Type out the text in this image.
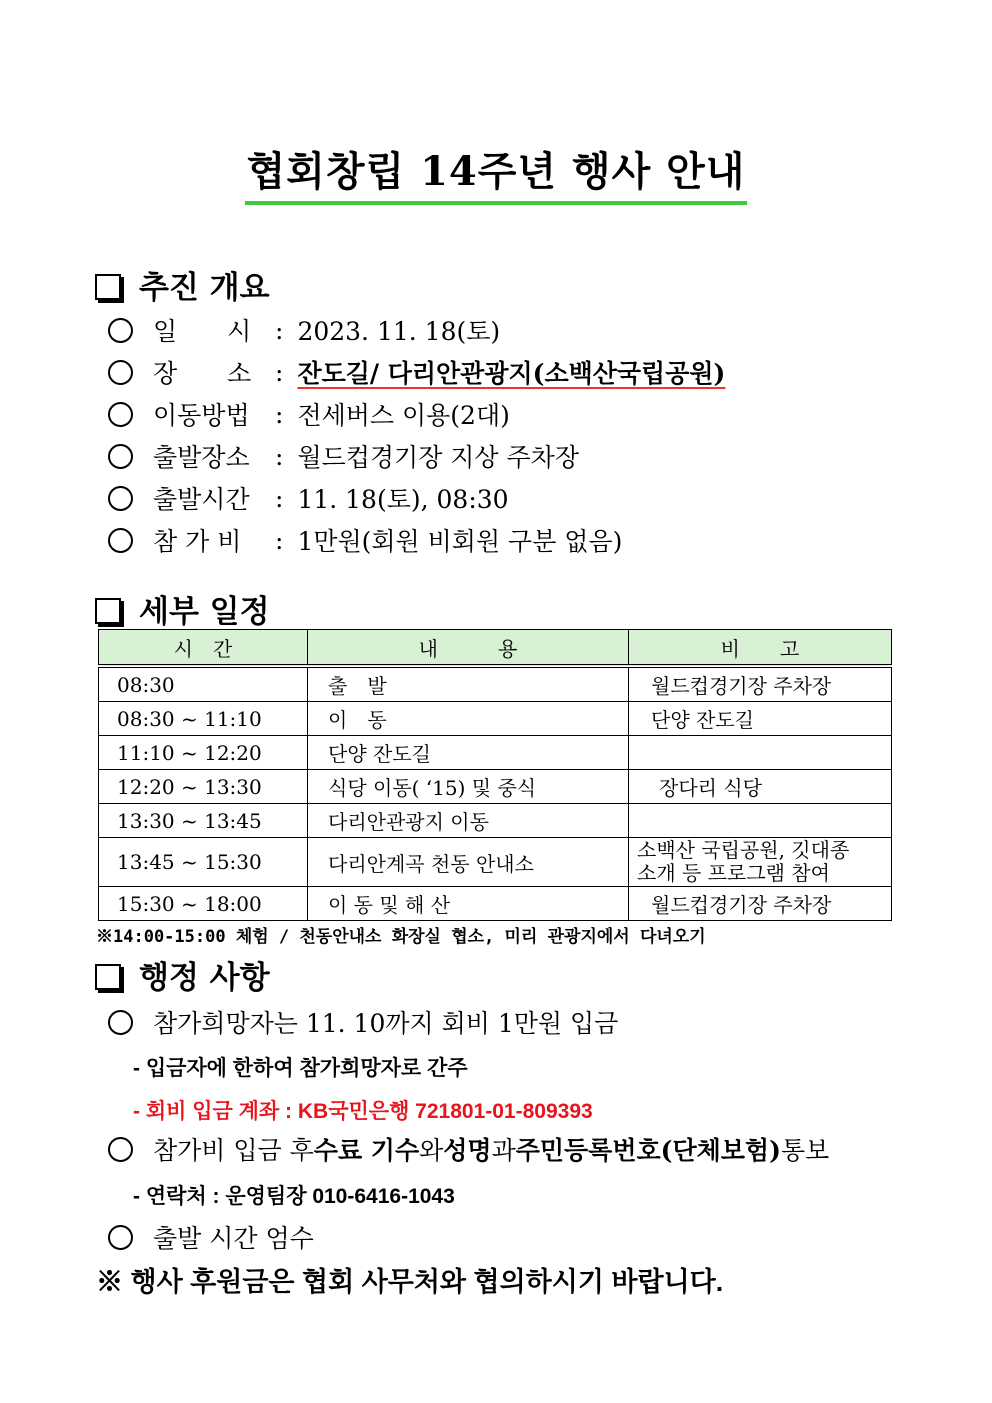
협회창립 14주년 행사 안내
추진 개요
일　　시 : 2023. 11. 18(토)
장　　소 : 잔도길/ 다리안관광지(소백산국립공원)
이동방법	: 전세버스 이용(2대)
출발장소	: 월드컵경기장 지상 주차장
출발시간	: 11. 18(토), 08:30
참 가 비	: 1만원(회원 비회원 구분 없음)
세부 일정
시　간	내　　　용	비　　고
08:30	출　발	월드컵경기장 주차장
08:30 ~ 11:10	이　동	단양 잔도길
11:10 ~ 12:20	단양 잔도길	
12:20 ~ 13:30	식당 이동( ‘15) 및 중식	장다리 식당
13:30 ~ 13:45	다리안관광지 이동	
13:45 ~ 15:30	다리안계곡 천동 안내소	소백산 국립공원, 깃대종
소개 등 프로그램 참여

15:30 ~ 18:00	이 동 및 해 산	월드컵경기장 주차장
※14:00-15:00 체험 / 천동안내소 화장실 협소, 미리 관광지에서 다녀오기
행정 사항
참가희망자는 11. 10까지 회비 1만원 입금
- 입금자에 한하여 참가희망자로 간주
- 회비 입금 계좌 : KB국민은행 721801-01-809393
참가비 입금 후 수료 기수 와 성명 과 주민등록번호(단체보험) 통보
- 연락처 : 운영팀장 010-6416-1043
출발 시간 엄수
※ 행사 후원금은 협회 사무처와 협의하시기 바랍니다.
